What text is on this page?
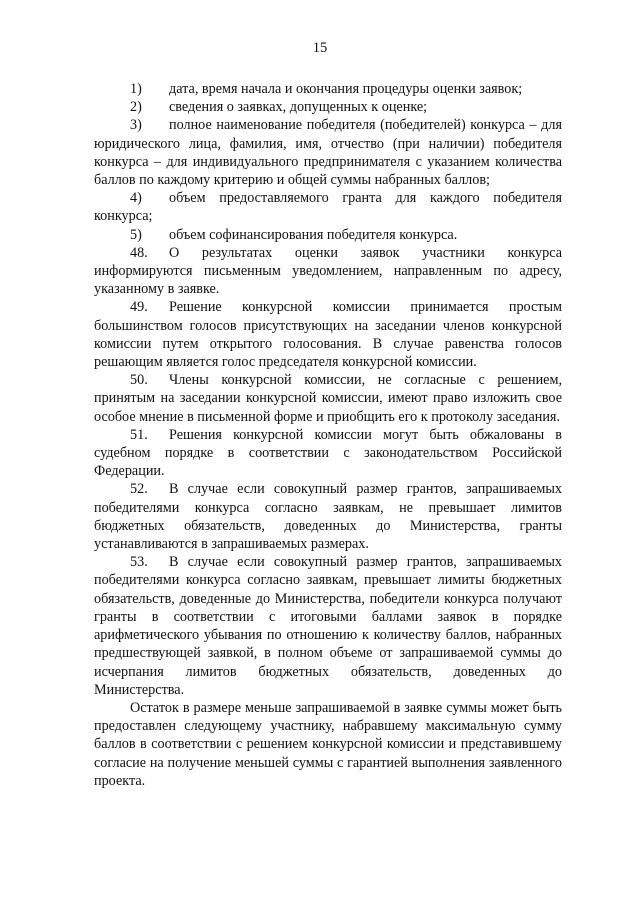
15

1) дата, время начала и окончания процедуры оценки заявок;

2) сведения о заявках, допущенных к оценке;

3) полное наименование победителя (победителей) конкурса – для юридического лица, фамилия, имя, отчество (при наличии) победителя конкурса – для индивидуального предпринимателя с указанием количества баллов по каждому критерию и общей суммы набранных баллов;

4) объем предоставляемого гранта для каждого победителя конкурса;

5) объем софинансирования победителя конкурса.

48. О результатах оценки заявок участники конкурса информируются письменным уведомлением, направленным по адресу, указанному в заявке.

49. Решение конкурсной комиссии принимается простым большинством голосов присутствующих на заседании членов конкурсной комиссии путем открытого голосования. В случае равенства голосов решающим является голос председателя конкурсной комиссии.

50. Члены конкурсной комиссии, не согласные с решением, принятым на заседании конкурсной комиссии, имеют право изложить свое особое мнение в письменной форме и приобщить его к протоколу заседания.

51. Решения конкурсной комиссии могут быть обжалованы в судебном порядке в соответствии с законодательством Российской Федерации.

52. В случае если совокупный размер грантов, запрашиваемых победителями конкурса согласно заявкам, не превышает лимитов бюджетных обязательств, доведенных до Министерства, гранты устанавливаются в запрашиваемых размерах.

53. В случае если совокупный размер грантов, запрашиваемых победителями конкурса согласно заявкам, превышает лимиты бюджетных обязательств, доведенные до Министерства, победители конкурса получают гранты в соответствии с итоговыми баллами заявок в порядке арифметического убывания по отношению к количеству баллов, набранных предшествующей заявкой, в полном объеме от запрашиваемой суммы до исчерпания лимитов бюджетных обязательств, доведенных до Министерства.

Остаток в размере меньше запрашиваемой в заявке суммы может быть предоставлен следующему участнику, набравшему максимальную сумму баллов в соответствии с решением конкурсной комиссии и представившему согласие на получение меньшей суммы с гарантией выполнения заявленного проекта.
